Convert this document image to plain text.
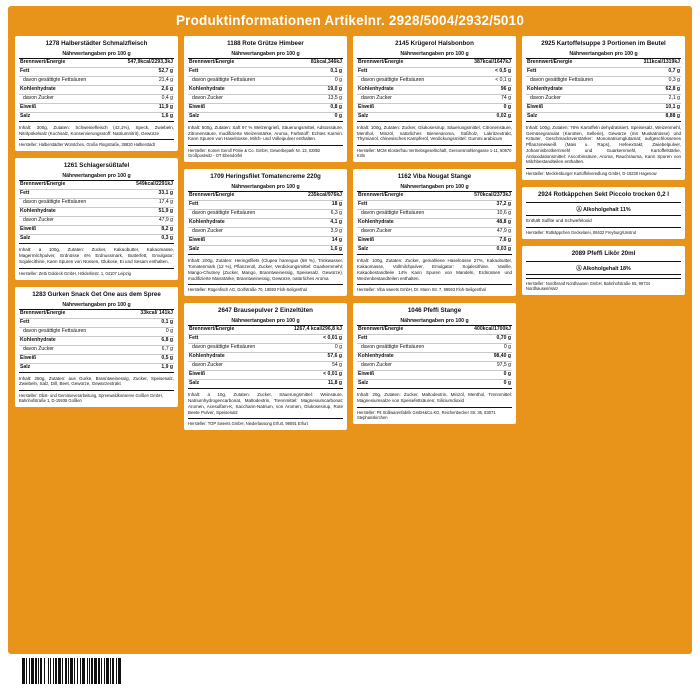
Produktinformationen Artikelnr. 2928/5004/2932/5010
1278 Halberstädter Schmalzfleisch
Nährwertangaben pro 100 g
Brennwert/Energie	547,9kcal/2293,3kJ
Fett	52,7 g
davon gesättigte Fettsäuren	21,4 g
Kohlenhydrate	2,6 g
davon Zucker	0,4 g
Eiweiß	11,9 g
Salz	1,6 g
Inhalt: 300g, Zutaten: Schweinefleisch (42,1%), Speck, Zwiebeln, Nitritpökelsalz (Kochsalz, Konservierungsstoff: Natriumnitrit), Gewürze
Hersteller: Halberstädter Würstchen, Große Ringstraße, 38820 Halberstadt
1261 Schlagersüßtafel
Nährwertangaben pro 100 g
Brennwert/Energie	549kcal/2291kJ
Fett	33,1 g
davon gesättigte Fettsäuren	17,4 g
Kohlenhydrate	51,9 g
davon Zucker	47,9 g
Eiweiß	8,2 g
Salz	0,3 g
Inhalt: a 100g, Zutaten: Zucker, Kakaobutter, Kakaomasse, Magermilchpulver, Erdnüsse 6% Erdnussmark, Butterfett, Emulgator: Sojalecithine, Kann Spuren von Nüssen, Glukose, Ei und Sesam enthalten.
Hersteller: Zetti Goldeck GmbH, Hölderlinstr. 1, 04107 Leipzig
1283 Gurken Snack Get One aus dem Spree
Nährwertangaben pro 100 g
Brennwert/Energie	33kcal/ 141kJ
Fett	0,1 g
davon gesättigte Fettsäuren	0 g
Kohlenhydrate	6,8 g
davon Zucker	6,7 g
Eiweiß	0,5 g
Salz	1,9 g
Inhalt: 250g, Zutaten: aus Gurke, Branntweinessig, Zucker, Speisesalz, Zwiebeln, Salz, Dill, Beet, Gewürze, Gewürzextrakt
Hersteller: Obst- und Gemüseverarbeitung, Spreewaldkonserve Golßen GmbH, Bahnhofstraße 1, D-15938 Golßen
1188 Rote Grütze Himbeer
Nährwertangaben pro 100 g
Brennwert/Energie	81kcal,346kJ
Fett	0,1 g
davon gesättigte Fettsäuren	0 g
Kohlenhydrate	19,0 g
davon Zucker	13,5 g
Eiweiß	0,8 g
Salz	0 g
Inhalt: 500g, Zutaten: Saft 97 % Welzengrieß, Säuerungsmittel, Adstossäure, Zitronensäure, modifizierte Weizenstärke, Aroma, Farbstoff: Echtes Karmin. Kann Spuren von Haselnüsse, Milch- und Volleipulver enthalten.
Hersteller: Komet Geroll Pönie & Co. GmbH, Gewerbepark Nr. 13, 02892 Großpostwitz - OT Ebendörfel
1709 Heringsfilet Tomatencreme 220g
Nährwertangaben pro 100 g
Brennwert/Energie	235kcal/976kJ
Fett	18 g
davon gesättigte Fettsäuren	6,3 g
Kohlenhydrate	4,1 g
davon Zucker	3,9 g
Eiweiß	14 g
Salz	1,6 g
Inhalt: 200g, Zutaten: Heringsfilets (Clupea harengus (68 %), Trinkwasser, Tomatenmark (12 %), Pflanzenöl, Zucker, Verdickungsmittel: Guarkernmehl; Mango-Chutney (Zucker, Mango, Branntweinessig, Speisesalz, Gewürze), modifizierte Maisstärke, Branntweinessig, Gewürze, natürliches Aroma
Hersteller: Rügenfisch AG, Dorfstraße 70, 18593 Floh-Seligenthal
2647 Brausepulver 2 Einzeltüten
Nährwertangaben pro 100 g
Brennwert/Energie	1267,4 kcal/296,8 kJ
Fett	< 0,01 g
davon gesättigte Fettsäuren	0 g
Kohlenhydrate	57,6 g
davon Zucker	54 g
Eiweiß	< 0,01 g
Salz	11,8 g
Inhalt: a 10g, Zutaten: Zucker, Säuerungsmittel: Weinsäure, Natriumhydrogencarbonat, Maltodextrin, Trennmittel: Magnesiumcarbonat; Aromen, Acesulfam-K, Saccharin-Natrium, von Aromen, Glukosesirup, Rote Beete Pulver, Speisesalz
Hersteller: TOP Sweets GmbH, Niederlassung Erfurt, 99091 Erfurt
2145 Krügerol Halsbonbon
Nährwertangaben pro 100 g
Brennwert/Energie	387kcal/1647kJ
Fett	< 0,5 g
davon gesättigte Fettsäuren	< 0,1 g
Kohlenhydrate	96 g
davon Zucker	74 g
Eiweiß	0 g
Salz	0,02 g
Inhalt: 100g, Zutaten: Zucker, Glukosesirup, Säuerungsmittel, Citronensäure, Menthol, Minzöl, natürliches Bienenaroma, Süßholz, Lakritzextrakt, Thymianöl, chinesisches Kampferöl, Verdickungsmittel: Gummi arabicum
Hersteller: MCM Klosterfrau Vertriebsgesellschaft, Gereonsmühlengasse 1-11, 50670 Köln
1162 Viba Nougat Stange
Nährwertangaben pro 100 g
Brennwert/Energie	570kcal/2373kJ
Fett	37,2 g
davon gesättigte Fettsäuren	10,6 g
Kohlenhydrate	48,8 g
davon Zucker	47,9 g
Eiweiß	7,6 g
Salz	0,03 g
Inhalt: 100g, Zutaten: Zucker, gemahlene Haselnüsse 27%, Kakaobutter, Kakaomasse, Vollmilchpulver, Emulgator: Sojalecithine. Vanille, Kakaobestandteile 14% Kann Spuren von Mandeln, Erdnüssen und Weizenbestandteilen enthalten.
Hersteller: Viba sweets GmbH, Dr. Mann Str. 7, 98593 Floh-Seligenthal
1046 Pfeffi Stange
Nährwertangaben pro 100 g
Brennwert/Energie	400kcal/1700kJ
Fett	0,70 g
davon gesättigte Fettsäuren	0 g
Kohlenhydrate	98,40 g
davon Zucker	97,5 g
Eiweiß	0 g
Salz	0 g
Inhalt: 20g, Zutaten: Zucker, Maltodextrin, Minzöl, Menthol, Trennmittel: Magnesiumsalze von Speisefettsäuren; Siliciumdioxid
Hersteller: Pit Süßwarenfabrik GmbH&Co.KG, Reichenbecker Str. 36, 83071 Stephanskirchen
2925 Kartoffelsuppe 3 Portionen im Beutel
Nährwertangaben pro 100 g
Brennwert/Energie	311kcal/1319kJ
Fett	0,7 g
davon gesättigte Fettsäuren	0,3 g
Kohlenhydrate	62,8 g
davon Zucker	2,1 g
Eiweiß	10,1 g
Salz	8,88 g
Inhalt: 100g, Zutaten: 76% Kartoffeln dehydratisiert, Speisesalz, Weizenmehl, Gemüsegranulat (Karotten, Sellerie), Gewürze (mit Muskatnüsse) und Kräuter, Geschmacksverstärker: Mononatriumglutamat; aufgeschlossenes Pflanzeneiweiß (Mais u. Raps), Hefeextrakt, Zwiebelpulver, Johannisbrotkernmehl und Guarkernmehl, Kartoffelstärke, Antioxidationsmittel: Ascorbinsäure, Aroma, Rauchrauma, Kann Spuren von Milchbestandteilen enthalten.
Hersteller: Mecklenburger Kartoffelveredlung GmbH, D-19230 Hagenow
2924 Rotkäppchen Sekt Piccolo trocken 0,2 l
Ⓐ Alkoholgehalt 11%
Enthält Sulfite und Schwefeloxid
Hersteller: Rotkäppchen Geckelarei, 06632 Freyburg/Unstrut
2089 Pfeffi Likör 20ml
Ⓐ Alkoholgehalt 18%
Hersteller: Nordbrand Nordhausen GmbH, Bahnhofstraße 55, 99734 Nordhausen/Harz
